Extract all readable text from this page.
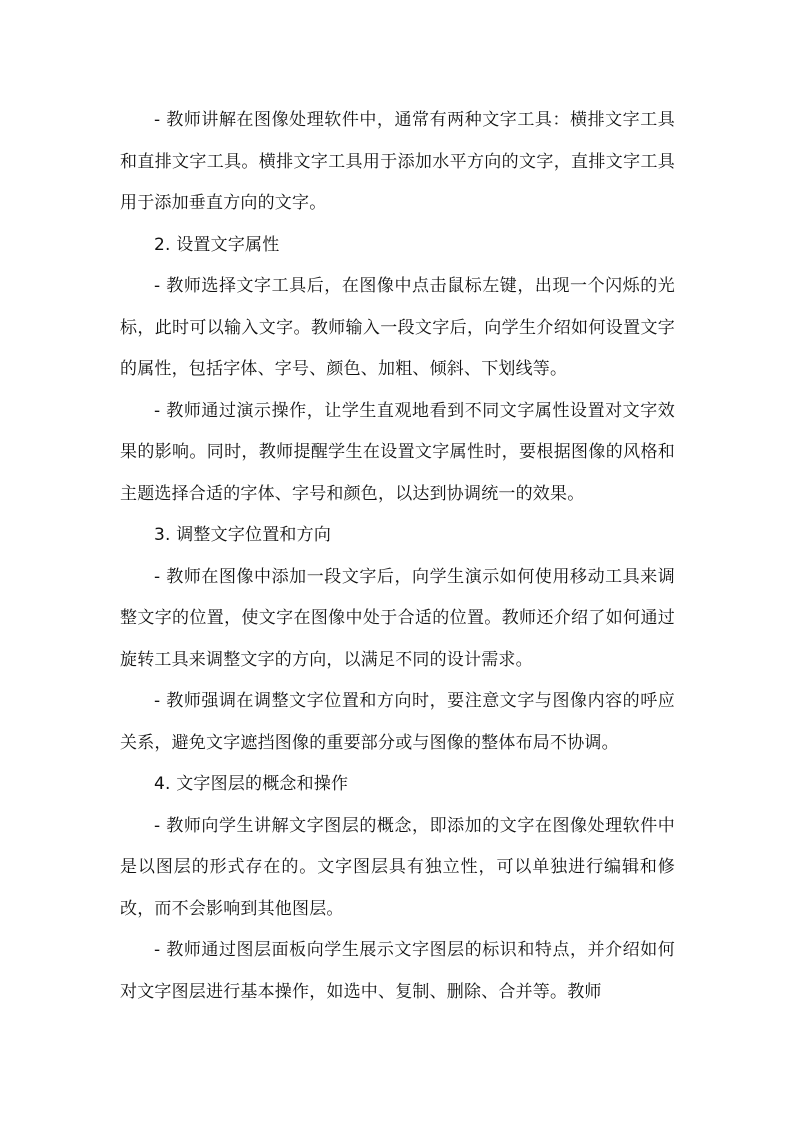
- 教师讲解在图像处理软件中，通常有两种文字工具：横排文字工具和直排文字工具。横排文字工具用于添加水平方向的文字，直排文字工具用于添加垂直方向的文字。

2. 设置文字属性

- 教师选择文字工具后，在图像中点击鼠标左键，出现一个闪烁的光标，此时可以输入文字。教师输入一段文字后，向学生介绍如何设置文字的属性，包括字体、字号、颜色、加粗、倾斜、下划线等。

- 教师通过演示操作，让学生直观地看到不同文字属性设置对文字效果的影响。同时，教师提醒学生在设置文字属性时，要根据图像的风格和主题选择合适的字体、字号和颜色，以达到协调统一的效果。

3. 调整文字位置和方向

- 教师在图像中添加一段文字后，向学生演示如何使用移动工具来调整文字的位置，使文字在图像中处于合适的位置。教师还介绍了如何通过旋转工具来调整文字的方向，以满足不同的设计需求。

- 教师强调在调整文字位置和方向时，要注意文字与图像内容的呼应关系，避免文字遮挡图像的重要部分或与图像的整体布局不协调。

4. 文字图层的概念和操作

- 教师向学生讲解文字图层的概念，即添加的文字在图像处理软件中是以图层的形式存在的。文字图层具有独立性，可以单独进行编辑和修改，而不会影响到其他图层。

- 教师通过图层面板向学生展示文字图层的标识和特点，并介绍如何对文字图层进行基本操作，如选中、复制、删除、合并等。教师
